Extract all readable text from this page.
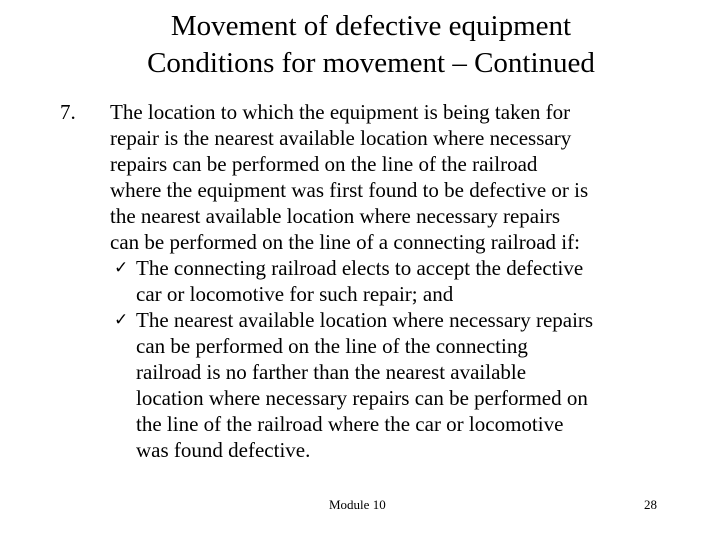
Movement of defective equipment
Conditions for movement – Continued
7. The location to which the equipment is being taken for
repair is the nearest available location where necessary
repairs can be performed on the line of the railroad
where the equipment was first found to be defective or is
the nearest available location where necessary repairs
can be performed on the line of a connecting railroad if:
✓ The connecting railroad elects to accept the defective
car or locomotive for such repair; and
✓ The nearest available location where necessary repairs
can be performed on the line of the connecting
railroad is no farther than the nearest available
location where necessary repairs can be performed on
the line of the railroad where the car or locomotive
was found defective.
Module 10	28
